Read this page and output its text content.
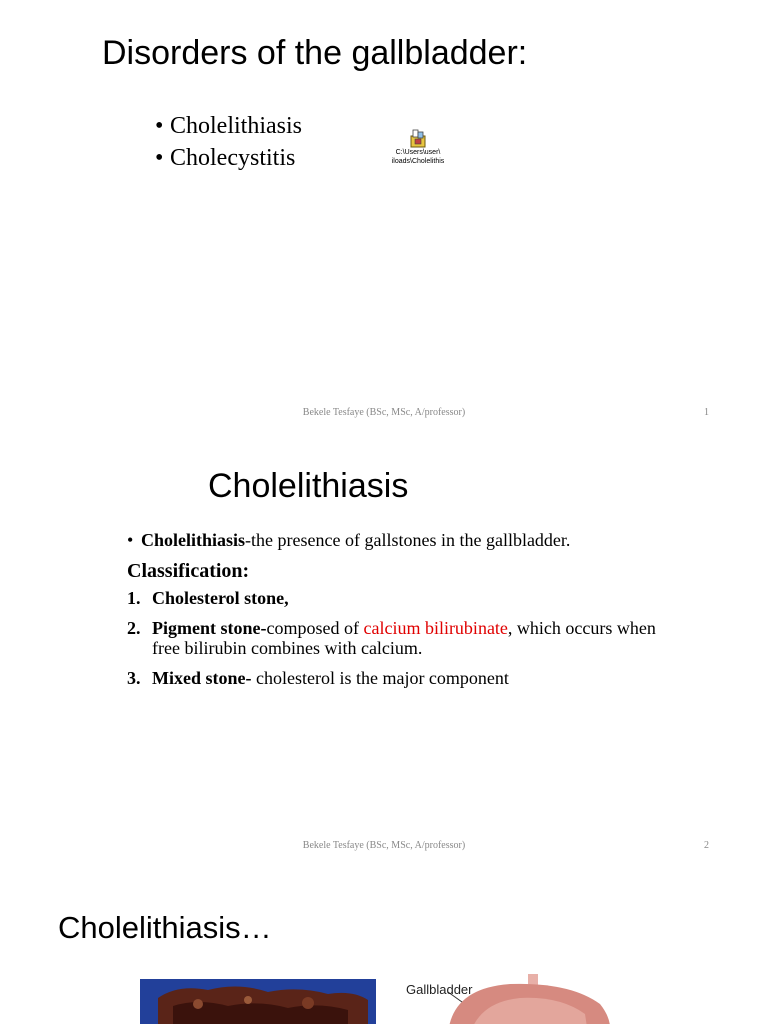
Disorders of the gallbladder:
• Cholelithiasis
• Cholecystitis	C:\Users\user\
iloads\Cholelithis
Bekele Tesfaye (BSc, MSc, A/professor)	1
Cholelithiasis
• Cholelithiasis-the presence of gallstones in the gallbladder.
Classification:
1. Cholesterol stone,
2. Pigment stone-composed of calcium bilirubinate, which occurs when free bilirubin combines with calcium.
3. Mixed stone- cholesterol is the major component
Bekele Tesfaye (BSc, MSc, A/professor)	2
Cholelithiasis…
Gallbladder
